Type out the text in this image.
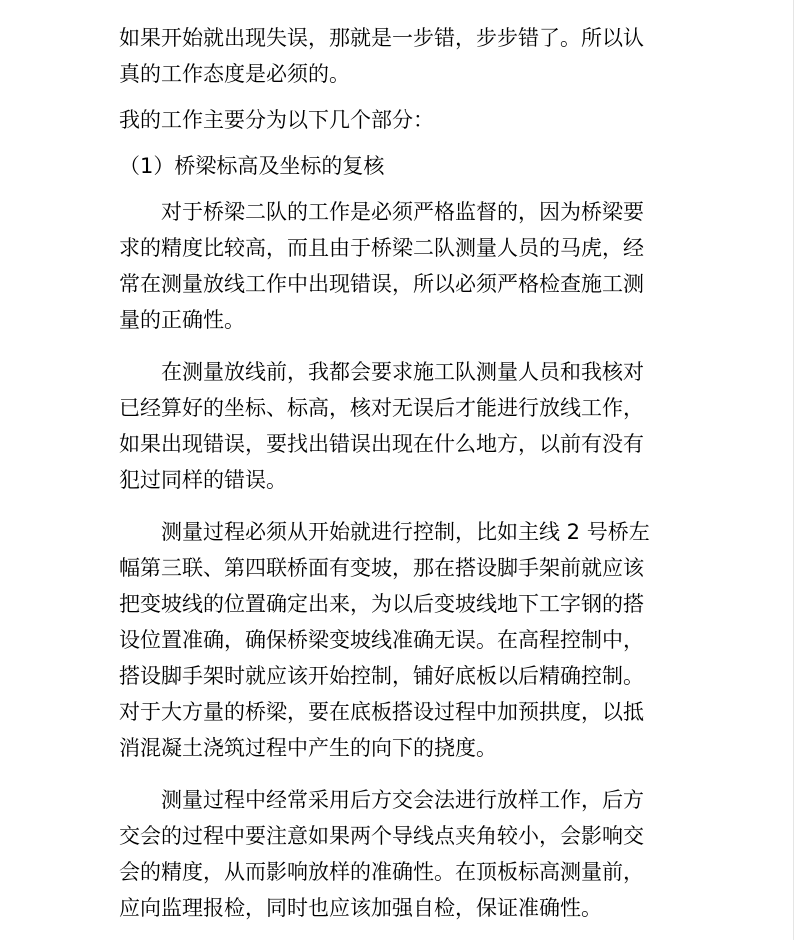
如果开始就出现失误，那就是一步错，步步错了。所以认真的工作态度是必须的。

我的工作主要分为以下几个部分：

（1）桥梁标高及坐标的复核

对于桥梁二队的工作是必须严格监督的，因为桥梁要求的精度比较高，而且由于桥梁二队测量人员的马虎，经常在测量放线工作中出现错误，所以必须严格检查施工测量的正确性。

在测量放线前，我都会要求施工队测量人员和我核对已经算好的坐标、标高，核对无误后才能进行放线工作，如果出现错误，要找出错误出现在什么地方，以前有没有犯过同样的错误。

测量过程必须从开始就进行控制，比如主线 2 号桥左幅第三联、第四联桥面有变坡，那在搭设脚手架前就应该把变坡线的位置确定出来，为以后变坡线地下工字钢的搭设位置准确，确保桥梁变坡线准确无误。在高程控制中，搭设脚手架时就应该开始控制，铺好底板以后精确控制。对于大方量的桥梁，要在底板搭设过程中加预拱度，以抵消混凝土浇筑过程中产生的向下的挠度。

测量过程中经常采用后方交会法进行放样工作，后方交会的过程中要注意如果两个导线点夹角较小，会影响交会的精度，从而影响放样的准确性。在顶板标高测量前，应向监理报检，同时也应该加强自检，保证准确性。
